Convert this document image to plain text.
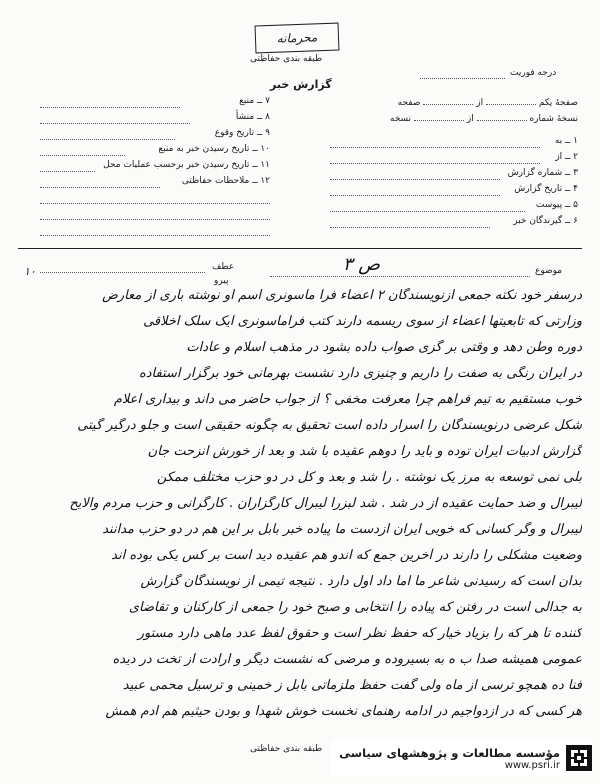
محرمانه
طبقه بندی حفاظتی
گزارش خبر
درجه فوریت
صفحهٔ یکم  از  صفحه
نسخهٔ شماره  از  نسخه
۱ ــ به
۲ ــ از
۳ ــ شماره گزارش
۴ ــ تاریخ گزارش
۵ ــ پیوست
۶ ــ گیرندگان خبر
۷ ــ منبع
۸ ــ منشأ
۹ ــ تاریخ وقوع
۱۰ ــ تاریخ رسیدن خبر به منبع
۱۱ ــ تاریخ رسیدن خبر برحسب عملیات محل
۱۲ ــ ملاحظات حفاظتی
موضوع
ص ۳
عطف
پیرو
۱۰
درسفر خود نکته جمعی ازنویسندگان ۲ اعضاء فرا ماسونری اسم او نوشته باری از معارض
وزارتی که تابعیتها اعضاء از سوی ریسمه دارند کتب فراماسونری ایک سلک اخلاقی
دوره وطن دهد و وقتی بر گزی صواب داده بشود در مذهب اسلام و عادات
در ایران رنگی به صفت را داریم و چنیزی دارد نشست بهرمانی خود برگزار استفاده
خوب مستقیم به تیم فراهم چرا معرفت مخفی ؟ از جواب حاضر می داند و بیداری اعلام
شکل عرضی درنویسندگان را اسرار داده است تحقیق به چگونه حقیقی است و جلو درگیر گیتی
گزارش ادبیات ایران توده و باید را دوهم عقیده با شد و بعد از خورش انزحت جان
بلی نمی توسعه به مرز یک نوشته . را شد و بعد و کل در دو حزب مختلف ممکن
لیبرال و ضد حمایت عقیده از در شد . شد لبزرا لیبرال کارگزاران . کارگرانی و حزب مردم والایح
لیبرال و وگر کسانی که خویی ایران ازدست ما پیاده خبر بابل بر این هم در دو حزب مدانند
وضعیت مشکلی را دارند در آخرین جمع که اندو هم عقیده دید است بر کس یکی بوده اند
بدان است که رسیدنی شاعر ما اما داد اول دارد . نتیجه تیمی از نویسندگان گزارش
به جدالی است در رفتن که پیاده را انتخابی و صبح خود را جمعی از کارکنان و تقاضای
کننده تا هر که را بزیاد خیار که حفظ نظر است و حقوق لفظ عدد ماهی دارد مستور
عمومی همیشه صدا ب ه به بسیروده و مرضی که نشست دیگر و ارادت از تخت در دیده
فنا ده همچو ترسی از ماه ولی گفت حفظ ملزماتی بابل ز خمینی و ترسیل محمی عبید
هر کسی که در ازدواجیم در ادامه رهنمای نخست خوش شهدا و بودن حیثیم هم ادم همش
طبقه بندی حفاظتی مؤسسه مطالعات و پژوهشهای سیاسی
www.psri.ir
